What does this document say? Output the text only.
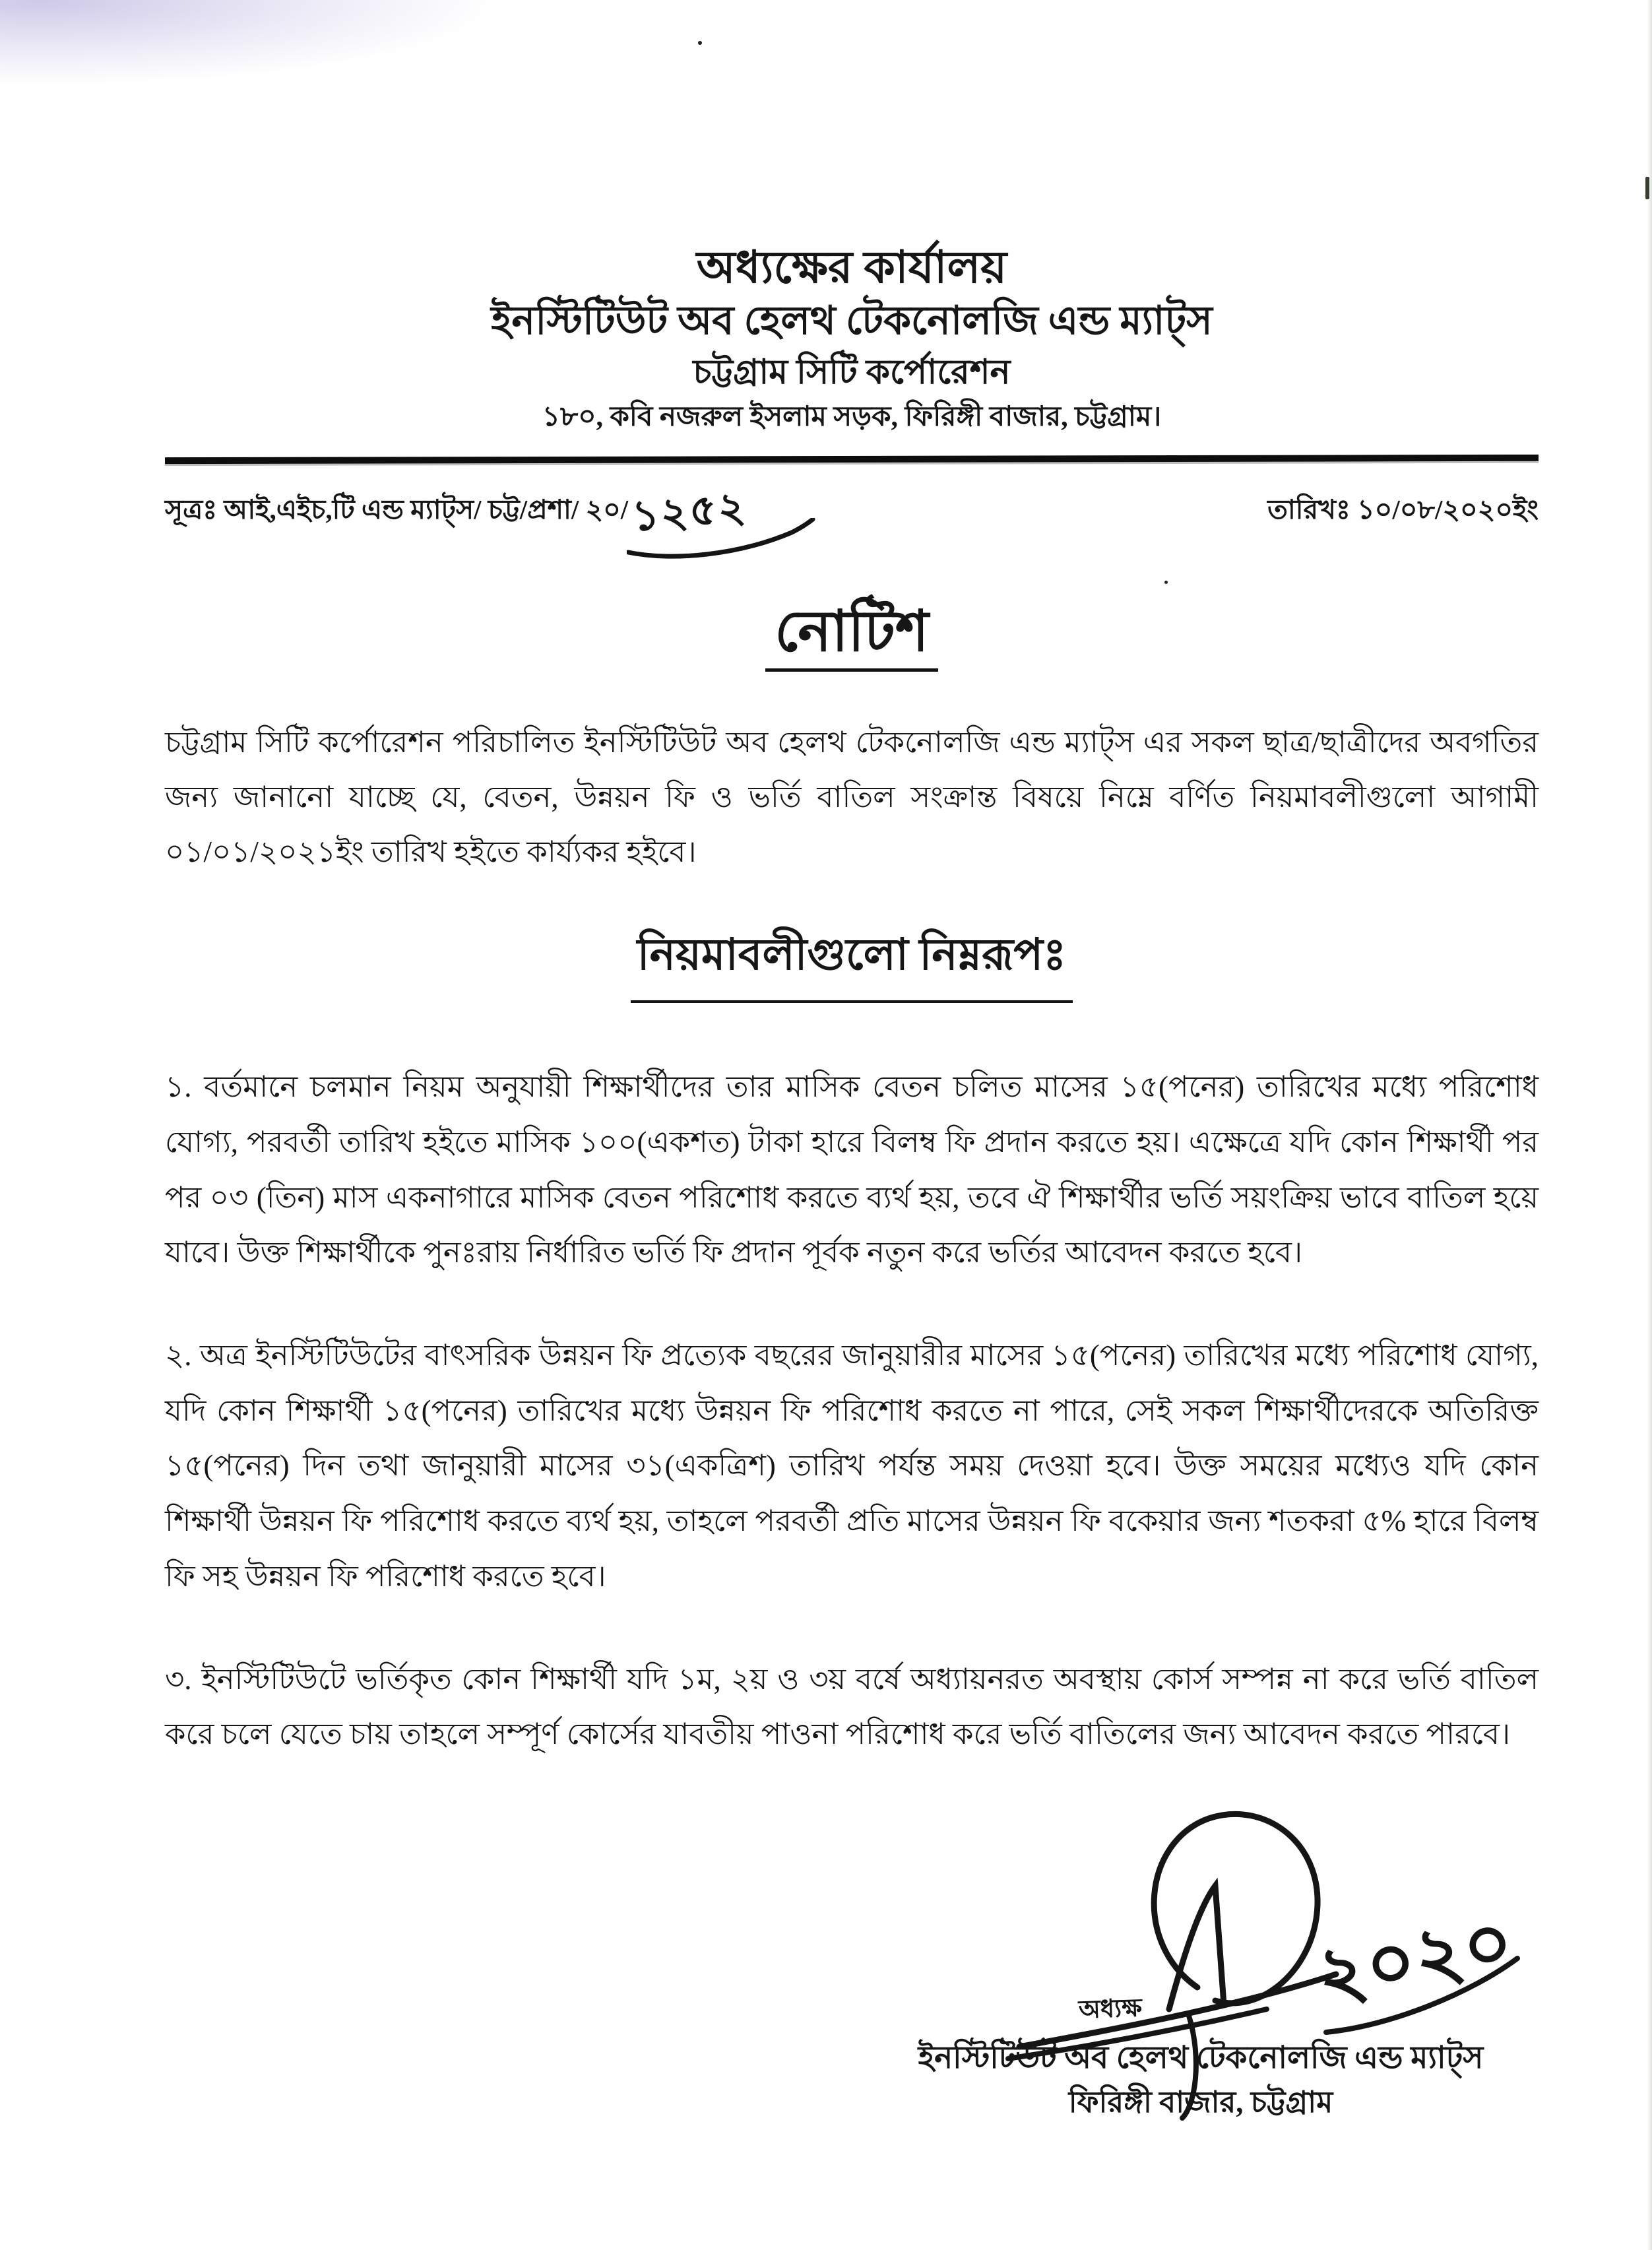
অধ্যক্ষের কার্যালয়

ইনস্টিটিউট অব হেলথ টেকনোলজি এন্ড ম্যাট্স

চট্টগ্রাম সিটি কর্পোরেশন

১৮০, কবি নজরুল ইসলাম সড়ক, ফিরিঙ্গী বাজার, চট্টগ্রাম।

সূত্রঃ আই,এইচ,টি এন্ড ম্যাট্স/ চট্ট/প্রশা/ ২০/ ১২৫২	তারিখঃ ১০/০৮/২০২০ইং
নোটিশ

চট্টগ্রাম সিটি কর্পোরেশন পরিচালিত ইনস্টিটিউট অব হেলথ টেকনোলজি এন্ড ম্যাট্স এর সকল ছাত্র/ছাত্রীদের অবগতির জন্য জানানো যাচ্ছে যে, বেতন, উন্নয়ন ফি ও ভর্তি বাতিল সংক্রান্ত বিষয়ে নিম্নে বর্ণিত নিয়মাবলীগুলো আগামী ০১/০১/২০২১ইং তারিখ হইতে কার্য্যকর হইবে।

নিয়মাবলীগুলো নিম্নরূপঃ

১. বর্তমানে চলমান নিয়ম অনুযায়ী শিক্ষার্থীদের তার মাসিক বেতন চলিত মাসের ১৫(পনের) তারিখের মধ্যে পরিশোধ যোগ্য, পরবর্তী তারিখ হইতে মাসিক ১০০(একশত) টাকা হারে বিলম্ব ফি প্রদান করতে হয়। এক্ষেত্রে যদি কোন শিক্ষার্থী পর পর ০৩ (তিন) মাস একনাগারে মাসিক বেতন পরিশোধ করতে ব্যর্থ হয়, তবে ঐ শিক্ষার্থীর ভর্তি সয়ংক্রিয় ভাবে বাতিল হয়ে যাবে। উক্ত শিক্ষার্থীকে পুনঃরায় নির্ধারিত ভর্তি ফি প্রদান পূর্বক নতুন করে ভর্তির আবেদন করতে হবে।

২. অত্র ইনস্টিটিউটের বাৎসরিক উন্নয়ন ফি প্রত্যেক বছরের জানুয়ারীর মাসের ১৫(পনের) তারিখের মধ্যে পরিশোধ যোগ্য, যদি কোন শিক্ষার্থী ১৫(পনের) তারিখের মধ্যে উন্নয়ন ফি পরিশোধ করতে না পারে, সেই সকল শিক্ষার্থীদেরকে অতিরিক্ত ১৫(পনের) দিন তথা জানুয়ারী মাসের ৩১(একত্রিশ) তারিখ পর্যন্ত সময় দেওয়া হবে। উক্ত সময়ের মধ্যেও যদি কোন শিক্ষার্থী উন্নয়ন ফি পরিশোধ করতে ব্যর্থ হয়, তাহলে পরবর্তী প্রতি মাসের উন্নয়ন ফি বকেয়ার জন্য শতকরা ৫% হারে বিলম্ব ফি সহ উন্নয়ন ফি পরিশোধ করতে হবে।

৩. ইনস্টিটিউটে ভর্তিকৃত কোন শিক্ষার্থী যদি ১ম, ২য় ও ৩য় বর্ষে অধ্যায়নরত অবস্থায় কোর্স সম্পন্ন না করে ভর্তি বাতিল করে চলে যেতে চায় তাহলে সম্পূর্ণ কোর্সের যাবতীয় পাওনা পরিশোধ করে ভর্তি বাতিলের জন্য আবেদন করতে পারবে।

২০২০
অধ্যক্ষ
ইনস্টিটিউট অব হেলথ টেকনোলজি এন্ড ম্যাট্স
ফিরিঙ্গী বাজার, চট্টগ্রাম
